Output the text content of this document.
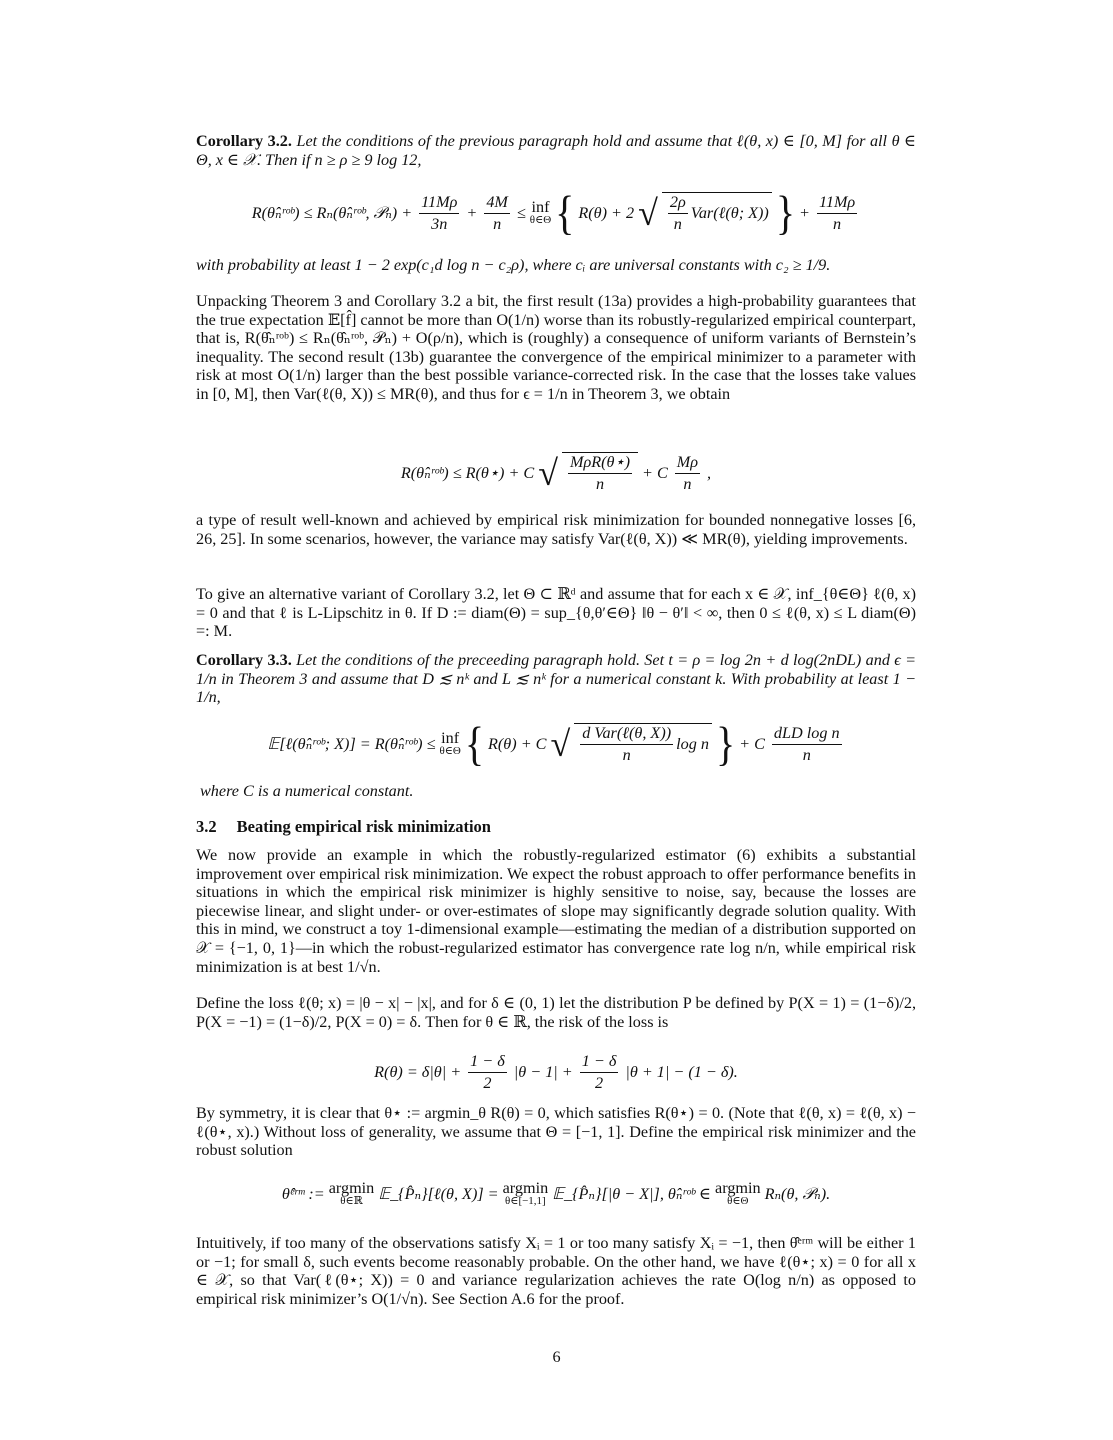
Corollary 3.2. Let the conditions of the previous paragraph hold and assume that ℓ(θ, x) ∈ [0, M] for all θ ∈ Θ, x ∈ 𝒳. Then if n ≥ ρ ≥ 9 log 12,
R(θ̂ₙʳᵒᵇ) ≤ Rₙ(θ̂ₙʳᵒᵇ, 𝒫ₙ) + $\frac{11M\rho}{3n} + \frac{4M}{n}$ ≤ inf
θ∈Θ { R(θ) + 2 √ $\frac{2\rho}{n}$ Var(ℓ(θ; X)) } + $\frac{11M\rho}{n}$
with probability at least 1 − 2 exp(c₁d log n − c₂ρ), where cᵢ are universal constants with c₂ ≥ 1/9.
Unpacking Theorem 3 and Corollary 3.2 a bit, the first result (13a) provides a high-probability guarantees that the true expectation 𝔼[f̂] cannot be more than O(1/n) worse than its robustly-regularized empirical counterpart, that is, R(θ̂ₙʳᵒᵇ) ≤ Rₙ(θ̂ₙʳᵒᵇ, 𝒫ₙ) + O(ρ/n), which is (roughly) a consequence of uniform variants of Bernstein’s inequality. The second result (13b) guarantee the convergence of the empirical minimizer to a parameter with risk at most O(1/n) larger than the best possible variance-corrected risk. In the case that the losses take values in [0, M], then Var(ℓ(θ, X)) ≤ MR(θ), and thus for ϵ = 1/n in Theorem 3, we obtain
R(θ̂ₙʳᵒᵇ) ≤ R(θ⋆) + C √ $\frac{\text{MρR(θ⋆)}}{n} + C \frac{M\rho}{n}$ ,
a type of result well-known and achieved by empirical risk minimization for bounded nonnegative losses [6, 26, 25]. In some scenarios, however, the variance may satisfy Var(ℓ(θ, X)) ≪ MR(θ), yielding improvements.
To give an alternative variant of Corollary 3.2, let Θ ⊂ ℝᵈ and assume that for each x ∈ 𝒳, inf_{θ∈Θ} ℓ(θ, x) = 0 and that ℓ is L-Lipschitz in θ. If D := diam(Θ) = sup_{θ,θ′∈Θ} ‖θ − θ′‖ < ∞, then 0 ≤ ℓ(θ, x) ≤ L diam(Θ) =: M.
Corollary 3.3. Let the conditions of the preceeding paragraph hold. Set t = ρ = log 2n + d log(2nDL) and ϵ = 1/n in Theorem 3 and assume that D ≲ nᵏ and L ≲ nᵏ for a numerical constant k. With probability at least 1 − 1/n,
𝔼[ℓ(θ̂ₙʳᵒᵇ; X)] = R(θ̂ₙʳᵒᵇ) ≤ inf
θ∈Θ { R(θ) + C √ $\frac{\text{d Var(ℓ(θ, X))}}{n}$ log n } + C $\frac{\text{dLD log n}}{n}$
where C is a numerical constant.
3.2 Beating empirical risk minimization
We now provide an example in which the robustly-regularized estimator (6) exhibits a substantial improvement over empirical risk minimization. We expect the robust approach to offer performance benefits in situations in which the empirical risk minimizer is highly sensitive to noise, say, because the losses are piecewise linear, and slight under- or over-estimates of slope may significantly degrade solution quality. With this in mind, we construct a toy 1-dimensional example—estimating the median of a distribution supported on 𝒳 = {−1, 0, 1}—in which the robust-regularized estimator has convergence rate log n/n, while empirical risk minimization is at best 1/√n.
Define the loss ℓ(θ; x) = |θ − x| − |x|, and for δ ∈ (0, 1) let the distribution P be defined by P(X = 1) = (1−δ)/2, P(X = −1) = (1−δ)/2, P(X = 0) = δ. Then for θ ∈ ℝ, the risk of the loss is
$R(\theta) = \delta|\theta| + \frac{1 - \delta}{2} |\theta - 1| + \frac{1 - \delta}{2} |\theta + 1| - (1 - \delta)$.
By symmetry, it is clear that θ⋆ := argmin_θ R(θ) = 0, which satisfies R(θ⋆) = 0. (Note that ℓ(θ, x) = ℓ(θ, x) − ℓ(θ⋆, x).) Without loss of generality, we assume that Θ = [−1, 1]. Define the empirical risk minimizer and the robust solution
θ̂ᵉʳᵐ := argmin
θ∈ℝ 𝔼_{P̂ₙ}[ℓ(θ, X)] = argmin
θ∈[−1,1] 𝔼_{P̂ₙ}[|θ − X|], θ̂ₙʳᵒᵇ ∈ argmin
θ∈Θ Rₙ(θ, 𝒫ₙ).
Intuitively, if too many of the observations satisfy Xᵢ = 1 or too many satisfy Xᵢ = −1, then θ̂ᵉʳᵐ will be either 1 or −1; for small δ, such events become reasonably probable. On the other hand, we have ℓ(θ⋆; x) = 0 for all x ∈ 𝒳, so that Var(ℓ(θ⋆; X)) = 0 and variance regularization achieves the rate O(log n/n) as opposed to empirical risk minimizer’s O(1/√n). See Section A.6 for the proof.
6
